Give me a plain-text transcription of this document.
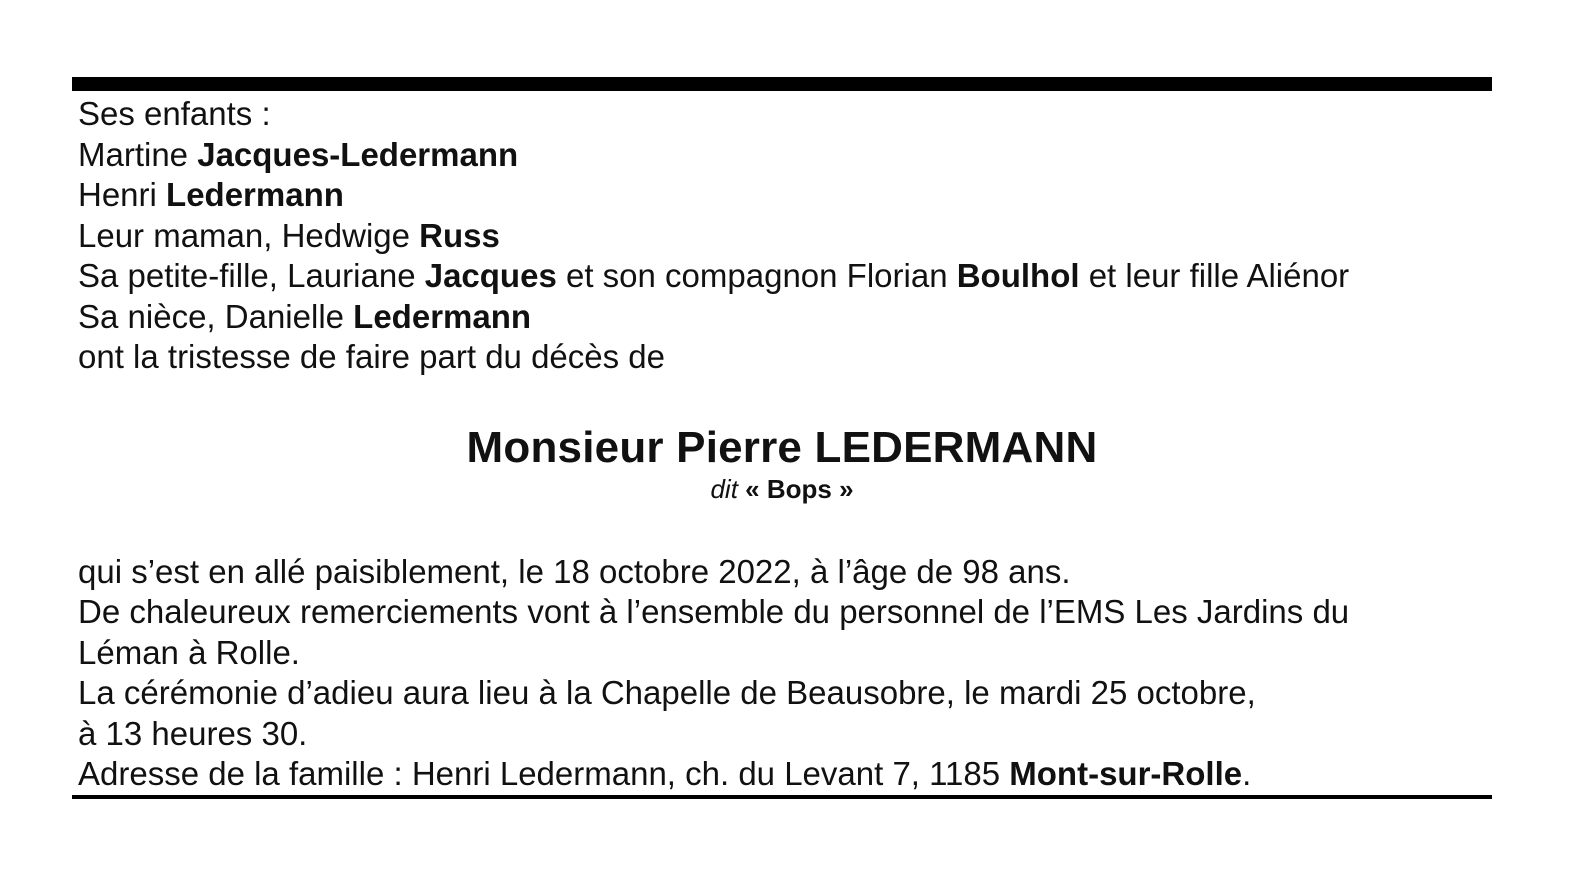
Ses enfants :
Martine Jacques-Ledermann
Henri Ledermann
Leur maman, Hedwige Russ
Sa petite-fille, Lauriane Jacques et son compagnon Florian Boulhol et leur fille Aliénor
Sa nièce, Danielle Ledermann
ont la tristesse de faire part du décès de
Monsieur Pierre LEDERMANN
dit « Bops »
qui s’est en allé paisiblement, le 18 octobre 2022, à l’âge de 98 ans.
De chaleureux remerciements vont à l’ensemble du personnel de l’EMS Les Jardins du
Léman à Rolle.
La cérémonie d’adieu aura lieu à la Chapelle de Beausobre, le mardi 25 octobre,
à 13 heures 30.
Adresse de la famille : Henri Ledermann, ch. du Levant 7, 1185 Mont-sur-Rolle.
